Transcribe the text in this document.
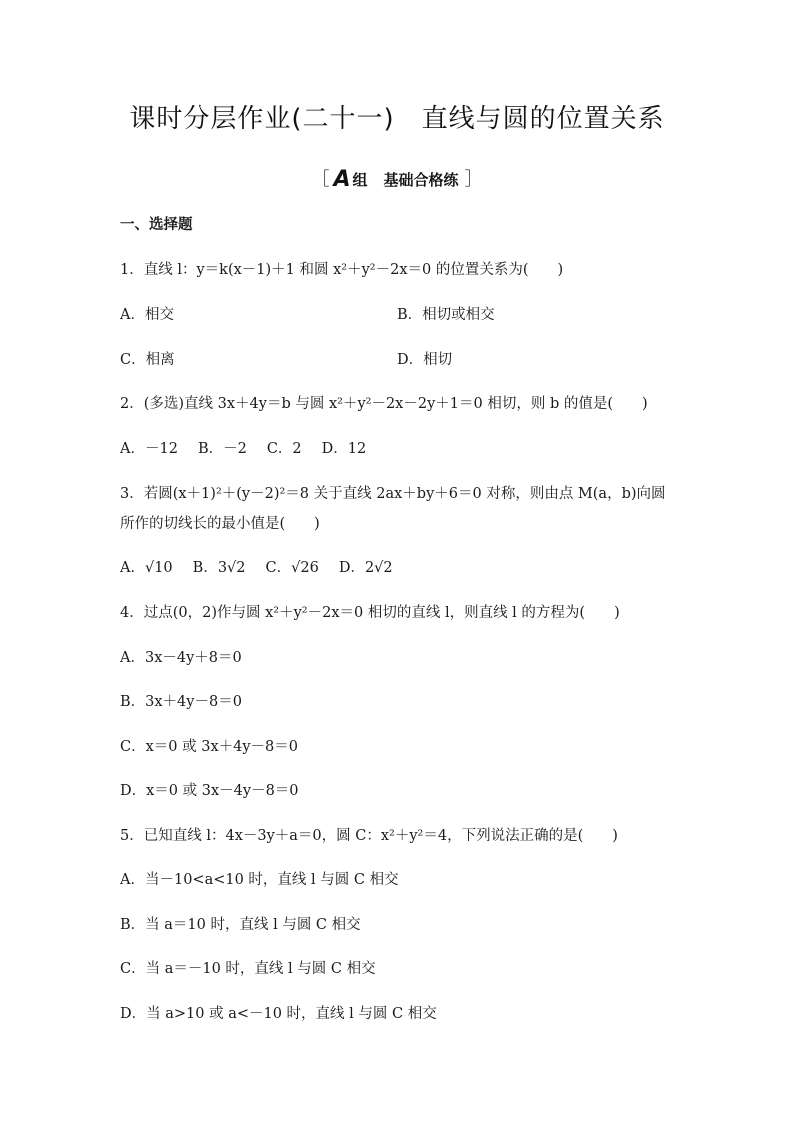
课时分层作业(二十一)　直线与圆的位置关系
［ A 组 基础合格练 ］
一、选择题
1．直线 l：y＝k(x－1)＋1 和圆 x²＋y²－2x＝0 的位置关系为(　　)
A．相交	B．相切或相交
C．相离	D．相切
2．(多选)直线 3x＋4y＝b 与圆 x²＋y²－2x－2y＋1＝0 相切，则 b 的值是(　　)
A．－12 B．－2 C．2 D．12
3．若圆(x＋1)²＋(y－2)²＝8 关于直线 2ax＋by＋6＝0 对称，则由点 M(a，b)向圆
所作的切线长的最小值是(　　)
A．√10 B．3√2 C．√26 D．2√2
4．过点(0，2)作与圆 x²＋y²－2x＝0 相切的直线 l，则直线 l 的方程为(　　)
A．3x－4y＋8＝0
B．3x＋4y－8＝0
C．x＝0 或 3x＋4y－8＝0
D．x＝0 或 3x－4y－8＝0
5．已知直线 l：4x－3y＋a＝0，圆 C：x²＋y²＝4，下列说法正确的是(　　)
A．当－10<a<10 时，直线 l 与圆 C 相交
B．当 a＝10 时，直线 l 与圆 C 相交
C．当 a＝－10 时，直线 l 与圆 C 相交
D．当 a>10 或 a<－10 时，直线 l 与圆 C 相交
